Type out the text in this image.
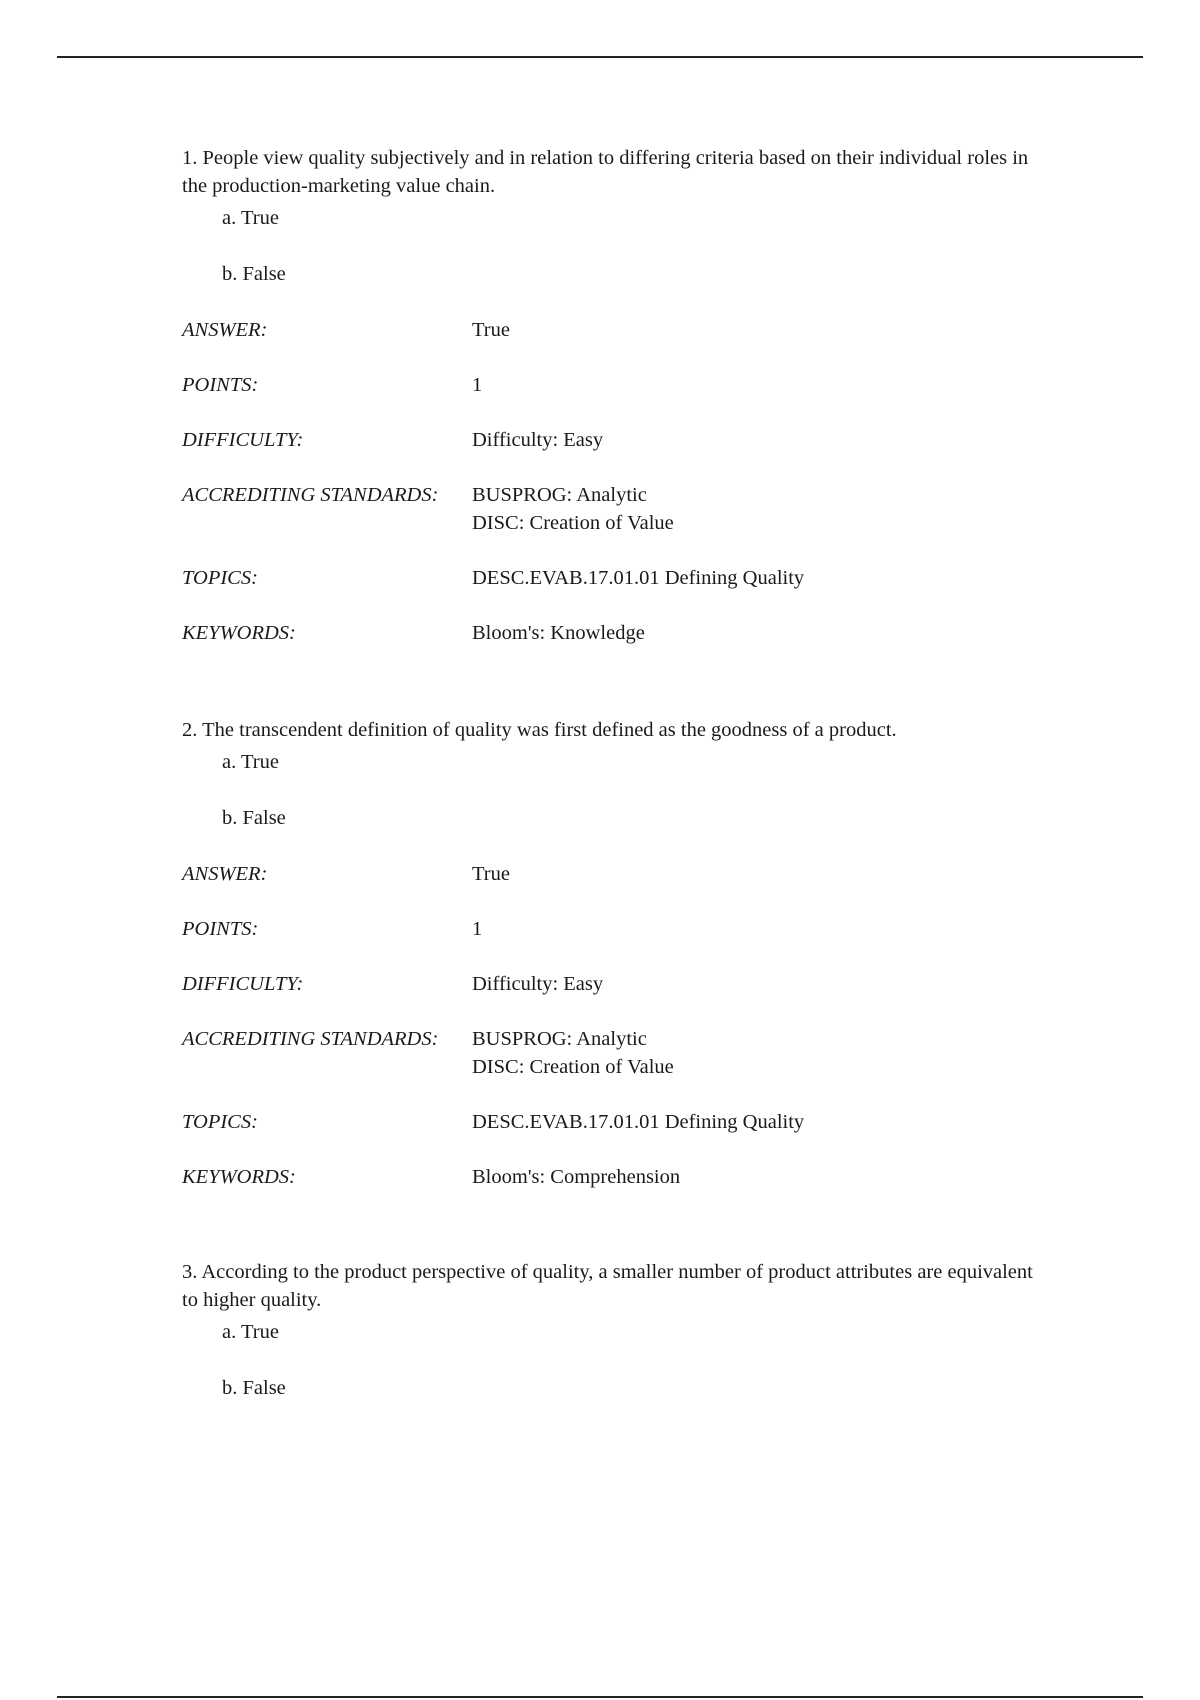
1. People view quality subjectively and in relation to differing criteria based on their individual roles in the production-marketing value chain.

a. True
b. False
ANSWER:	True
POINTS:	1
DIFFICULTY:	Difficulty: Easy
ACCREDITING STANDARDS:	BUSPROG: Analytic
DISC: Creation of Value
TOPICS:	DESC.EVAB.17.01.01 Defining Quality
KEYWORDS:	Bloom's: Knowledge

2. The transcendent definition of quality was first defined as the goodness of a product.

a. True
b. False
ANSWER:	True
POINTS:	1
DIFFICULTY:	Difficulty: Easy
ACCREDITING STANDARDS:	BUSPROG: Analytic
DISC: Creation of Value
TOPICS:	DESC.EVAB.17.01.01 Defining Quality
KEYWORDS:	Bloom's: Comprehension

3. According to the product perspective of quality, a smaller number of product attributes are equivalent to higher quality.

a. True
b. False
